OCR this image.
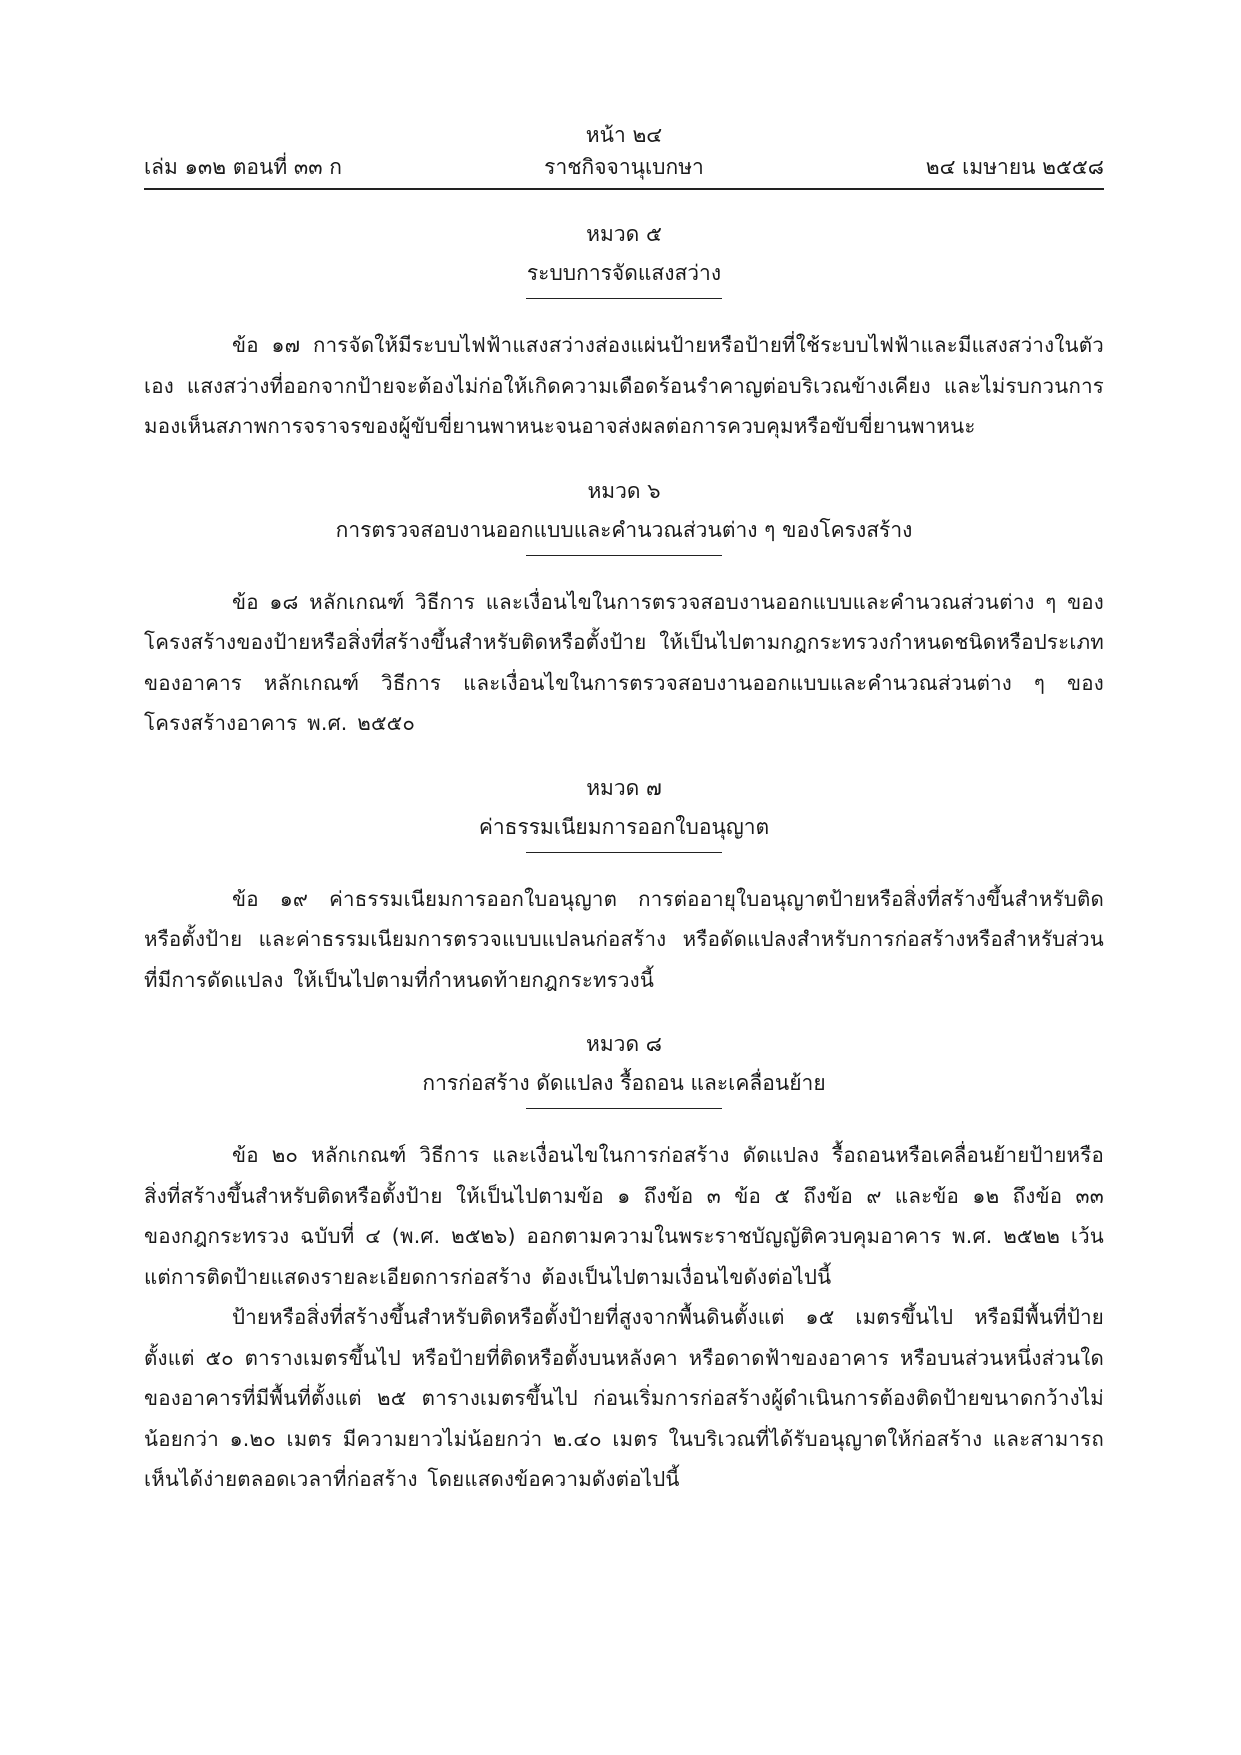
หน้า ๒๔
เล่ม ๑๓๒ ตอนที่ ๓๓ ก	ราชกิจจานุเบกษา	๒๔ เมษายน ๒๕๕๘
หมวด ๕
ระบบการจัดแสงสว่าง
ข้อ ๑๗ การจัดให้มีระบบไฟฟ้าแสงสว่างส่องแผ่นป้ายหรือป้ายที่ใช้ระบบไฟฟ้าและมีแสงสว่างในตัวเอง แสงสว่างที่ออกจากป้ายจะต้องไม่ก่อให้เกิดความเดือดร้อนรำคาญต่อบริเวณข้างเคียง และไม่รบกวนการมองเห็นสภาพการจราจรของผู้ขับขี่ยานพาหนะจนอาจส่งผลต่อการควบคุมหรือขับขี่ยานพาหนะ
หมวด ๖
การตรวจสอบงานออกแบบและคำนวณส่วนต่าง ๆ ของโครงสร้าง
ข้อ ๑๘ หลักเกณฑ์ วิธีการ และเงื่อนไขในการตรวจสอบงานออกแบบและคำนวณส่วนต่าง ๆ ของโครงสร้างของป้ายหรือสิ่งที่สร้างขึ้นสำหรับติดหรือตั้งป้าย ให้เป็นไปตามกฎกระทรวงกำหนดชนิดหรือประเภทของอาคาร หลักเกณฑ์ วิธีการ และเงื่อนไขในการตรวจสอบงานออกแบบและคำนวณส่วนต่าง ๆ ของโครงสร้างอาคาร พ.ศ. ๒๕๕๐
หมวด ๗
ค่าธรรมเนียมการออกใบอนุญาต
ข้อ ๑๙ ค่าธรรมเนียมการออกใบอนุญาต การต่ออายุใบอนุญาตป้ายหรือสิ่งที่สร้างขึ้นสำหรับติดหรือตั้งป้าย และค่าธรรมเนียมการตรวจแบบแปลนก่อสร้าง หรือดัดแปลงสำหรับการก่อสร้างหรือสำหรับส่วนที่มีการดัดแปลง ให้เป็นไปตามที่กำหนดท้ายกฎกระทรวงนี้
หมวด ๘
การก่อสร้าง ดัดแปลง รื้อถอน และเคลื่อนย้าย
ข้อ ๒๐ หลักเกณฑ์ วิธีการ และเงื่อนไขในการก่อสร้าง ดัดแปลง รื้อถอนหรือเคลื่อนย้ายป้ายหรือสิ่งที่สร้างขึ้นสำหรับติดหรือตั้งป้าย ให้เป็นไปตามข้อ ๑ ถึงข้อ ๓ ข้อ ๕ ถึงข้อ ๙ และข้อ ๑๒ ถึงข้อ ๓๓ ของกฎกระทรวง ฉบับที่ ๔ (พ.ศ. ๒๕๒๖) ออกตามความในพระราชบัญญัติควบคุมอาคาร พ.ศ. ๒๕๒๒ เว้นแต่การติดป้ายแสดงรายละเอียดการก่อสร้าง ต้องเป็นไปตามเงื่อนไขดังต่อไปนี้
ป้ายหรือสิ่งที่สร้างขึ้นสำหรับติดหรือตั้งป้ายที่สูงจากพื้นดินตั้งแต่ ๑๕ เมตรขึ้นไป หรือมีพื้นที่ป้ายตั้งแต่ ๕๐ ตารางเมตรขึ้นไป หรือป้ายที่ติดหรือตั้งบนหลังคา หรือดาดฟ้าของอาคาร หรือบนส่วนหนึ่งส่วนใดของอาคารที่มีพื้นที่ตั้งแต่ ๒๕ ตารางเมตรขึ้นไป ก่อนเริ่มการก่อสร้างผู้ดำเนินการต้องติดป้ายขนาดกว้างไม่น้อยกว่า ๑.๒๐ เมตร มีความยาวไม่น้อยกว่า ๒.๔๐ เมตร ในบริเวณที่ได้รับอนุญาตให้ก่อสร้าง และสามารถเห็นได้ง่ายตลอดเวลาที่ก่อสร้าง โดยแสดงข้อความดังต่อไปนี้
